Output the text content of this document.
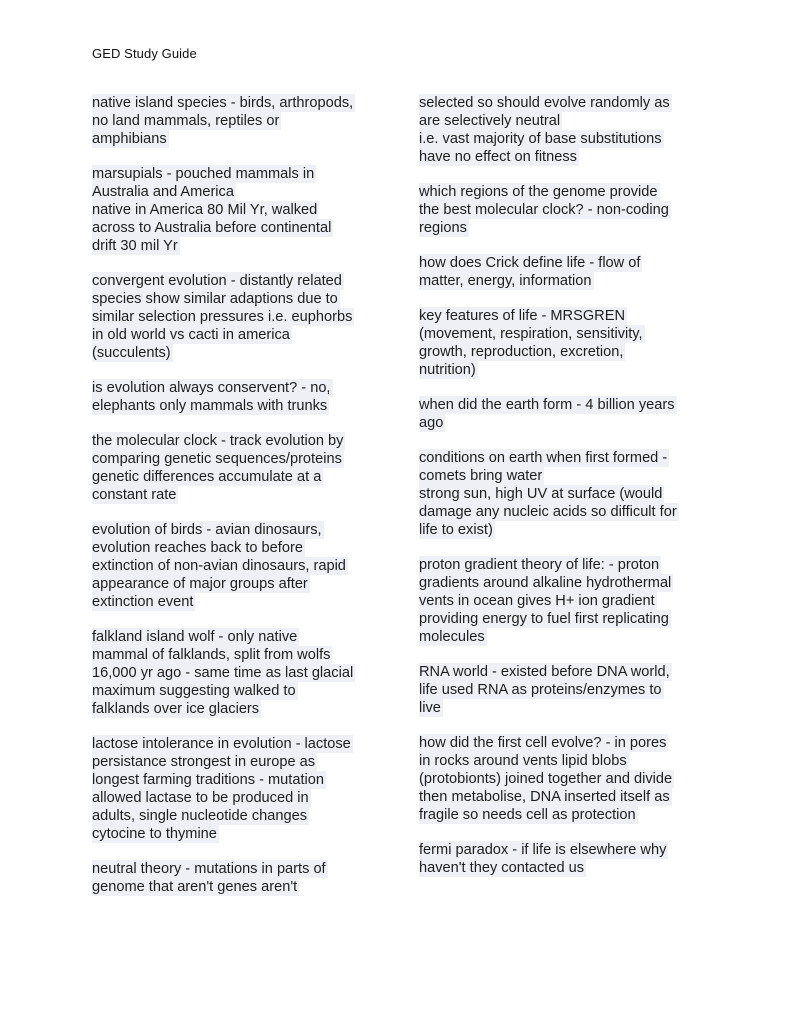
GED Study Guide
native island species - birds, arthropods,
no land mammals, reptiles or
amphibians
marsupials - pouched mammals in
Australia and America
native in America 80 Mil Yr, walked
across to Australia before continental
drift 30 mil Yr
convergent evolution - distantly related
species show similar adaptions due to
similar selection pressures i.e. euphorbs
in old world vs cacti in america
(succulents)
is evolution always conservent? - no,
elephants only mammals with trunks
the molecular clock - track evolution by
comparing genetic sequences/proteins
genetic differences accumulate at a
constant rate
evolution of birds - avian dinosaurs,
evolution reaches back to before
extinction of non-avian dinosaurs, rapid
appearance of major groups after
extinction event
falkland island wolf - only native
mammal of falklands, split from wolfs
16,000 yr ago - same time as last glacial
maximum suggesting walked to
falklands over ice glaciers
lactose intolerance in evolution - lactose
persistance strongest in europe as
longest farming traditions - mutation
allowed lactase to be produced in
adults, single nucleotide changes
cytocine to thymine
neutral theory - mutations in parts of
genome that aren't genes aren't
selected so should evolve randomly as
are selectively neutral
i.e. vast majority of base substitutions
have no effect on fitness
which regions of the genome provide
the best molecular clock? - non-coding
regions
how does Crick define life - flow of
matter, energy, information
key features of life - MRSGREN
(movement, respiration, sensitivity,
growth, reproduction, excretion,
nutrition)
when did the earth form - 4 billion years
ago
conditions on earth when first formed -
comets bring water
strong sun, high UV at surface (would
damage any nucleic acids so difficult for
life to exist)
proton gradient theory of life: - proton
gradients around alkaline hydrothermal
vents in ocean gives H+ ion gradient
providing energy to fuel first replicating
molecules
RNA world - existed before DNA world,
life used RNA as proteins/enzymes to
live
how did the first cell evolve? - in pores
in rocks around vents lipid blobs
(protobionts) joined together and divide
then metabolise, DNA inserted itself as
fragile so needs cell as protection
fermi paradox - if life is elsewhere why
haven't they contacted us
